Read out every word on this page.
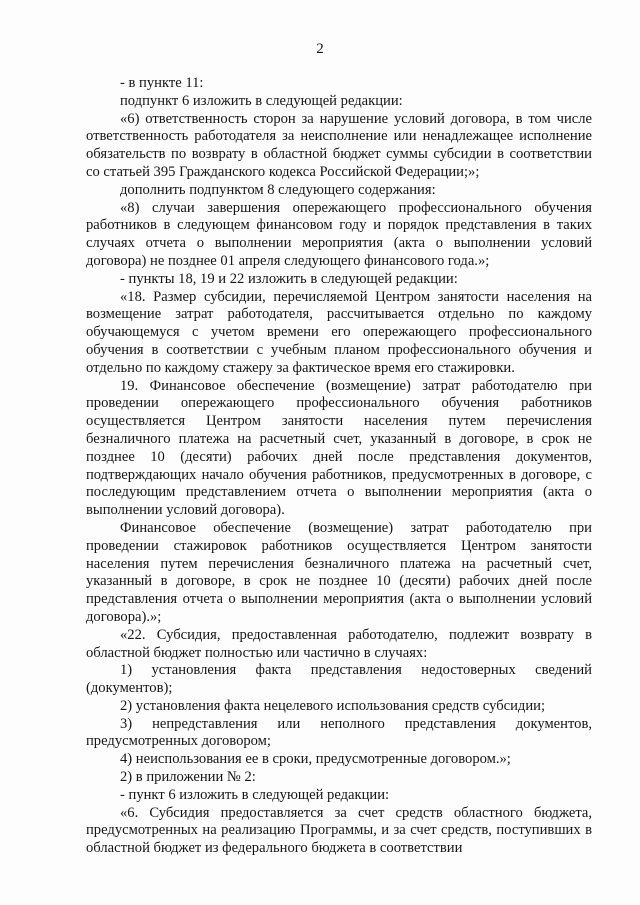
2

- в пункте 11:

подпункт 6 изложить в следующей редакции:

«6) ответственность сторон за нарушение условий договора, в том числе ответственность работодателя за неисполнение или ненадлежащее исполнение обязательств по возврату в областной бюджет суммы субсидии в соответствии со статьей 395 Гражданского кодекса Российской Федерации;»;

дополнить подпунктом 8 следующего содержания:

«8) случаи завершения опережающего профессионального обучения работников в следующем финансовом году и порядок представления в таких случаях отчета о выполнении мероприятия (акта о выполнении условий договора) не позднее 01 апреля следующего финансового года.»;

- пункты 18, 19 и 22 изложить в следующей редакции:

«18. Размер субсидии, перечисляемой Центром занятости населения на возмещение затрат работодателя, рассчитывается отдельно по каждому обучающемуся с учетом времени его опережающего профессионального обучения в соответствии с учебным планом профессионального обучения и отдельно по каждому стажеру за фактическое время его стажировки.

19. Финансовое обеспечение (возмещение) затрат работодателю при проведении опережающего профессионального обучения работников осуществляется Центром занятости населения путем перечисления безналичного платежа на расчетный счет, указанный в договоре, в срок не позднее 10 (десяти) рабочих дней после представления документов, подтверждающих начало обучения работников, предусмотренных в договоре, с последующим представлением отчета о выполнении мероприятия (акта о выполнении условий договора).

Финансовое обеспечение (возмещение) затрат работодателю при проведении стажировок работников осуществляется Центром занятости населения путем перечисления безналичного платежа на расчетный счет, указанный в договоре, в срок не позднее 10 (десяти) рабочих дней после представления отчета о выполнении мероприятия (акта о выполнении условий договора).»;

«22. Субсидия, предоставленная работодателю, подлежит возврату в областной бюджет полностью или частично в случаях:

1) установления факта представления недостоверных сведений (документов);

2) установления факта нецелевого использования средств субсидии;

3) непредставления или неполного представления документов, предусмотренных договором;

4) неиспользования ее в сроки, предусмотренные договором.»;

2) в приложении № 2:

- пункт 6 изложить в следующей редакции:

«6. Субсидия предоставляется за счет средств областного бюджета, предусмотренных на реализацию Программы, и за счет средств, поступивших в областной бюджет из федерального бюджета в соответствии
